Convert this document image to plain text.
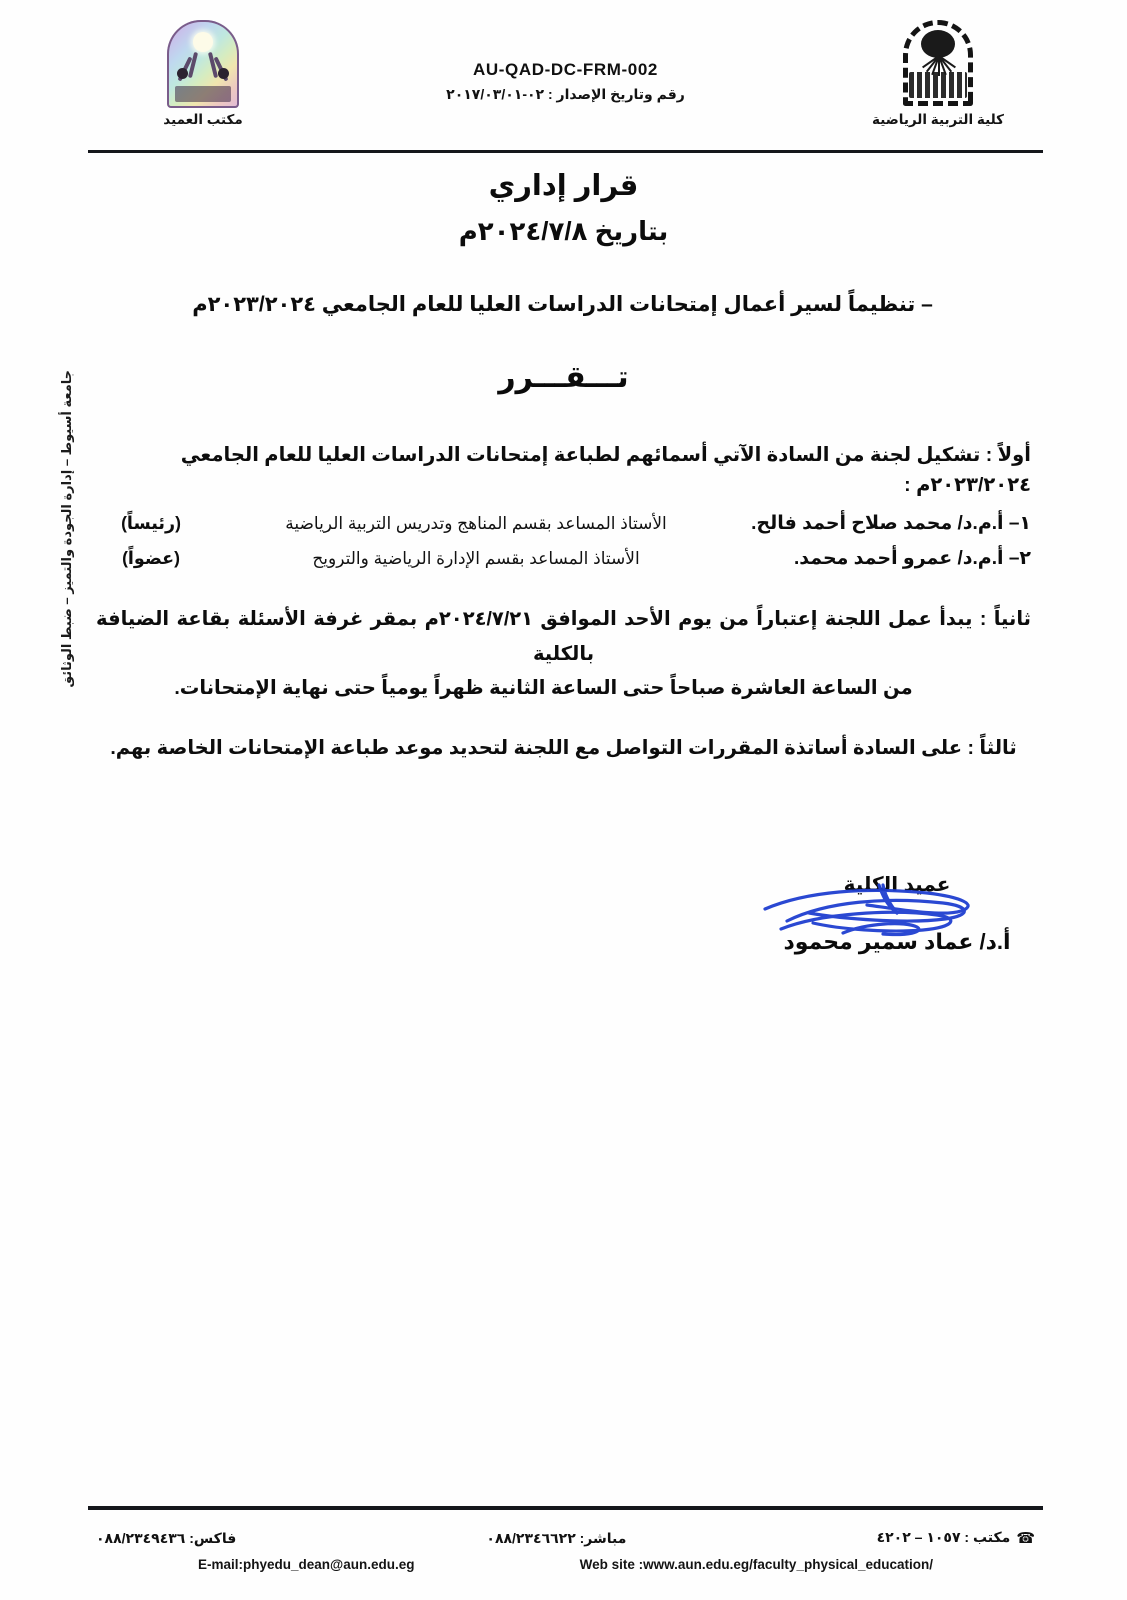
جامعة أسيوط – إدارة الجودة والتميز – ضبط الوثائق
مكتب العميد
AU-QAD-DC-FRM-002
رقم وتاريخ الإصدار : ٠٢-٢٠١٧/٠٣/٠١
كلية التربية الرياضية
قرار إداري
بتاريخ ٢٠٢٤/٧/٨م
– تنظيماً لسير أعمال إمتحانات الدراسات العليا للعام الجامعي ٢٠٢٣/٢٠٢٤م
تـــقـــرر
أولاً : تشكيل لجنة من السادة الآتي أسمائهم لطباعة إمتحانات الدراسات العليا للعام الجامعي ٢٠٢٣/٢٠٢٤م :
١– أ.م.د/ محمد صلاح أحمد فالح.
الأستاذ المساعد بقسم المناهج وتدريس التربية الرياضية
(رئيساً)
٢– أ.م.د/ عمرو أحمد محمد.
الأستاذ المساعد بقسم الإدارة الرياضية والترويح
(عضواً)
ثانياً : يبدأ عمل اللجنة إعتباراً من يوم الأحد الموافق ٢٠٢٤/٧/٢١م بمقر غرفة الأسئلة بقاعة الضيافة بالكلية
من الساعة العاشرة صباحاً حتى الساعة الثانية ظهراً يومياً حتى نهاية الإمتحانات.
ثالثاً : على السادة أساتذة المقررات التواصل مع اللجنة لتحديد موعد طباعة الإمتحانات الخاصة بهم.
عميد الكلية
أ.د/ عماد سمير محمود
☎مكتب : ١٠٥٧ – ٤٢٠٢
مباشر: ٠٨٨/٢٣٤٦٦٢٢
فاكس: ٠٨٨/٢٣٤٩٤٣٦
E-mail:phyedu_dean@aun.edu.eg	Web site :www.aun.edu.eg/faculty_physical_education/
